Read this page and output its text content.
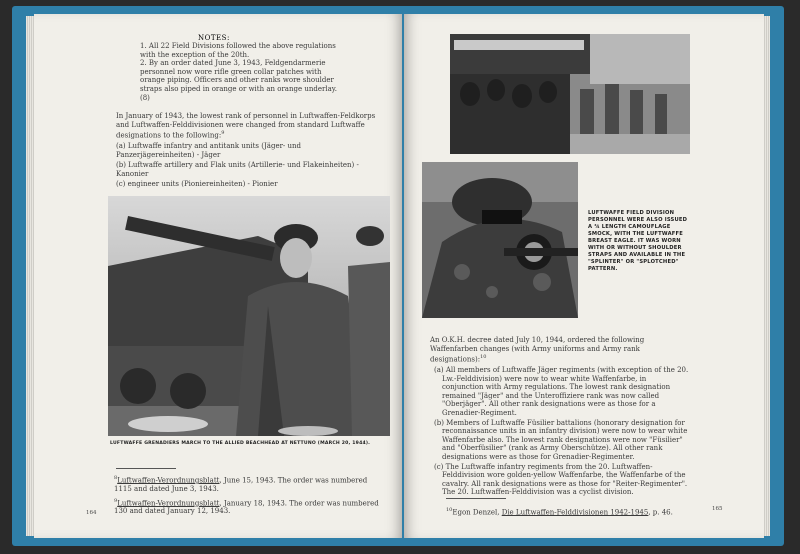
NOTES:

1. All 22 Field Divisions followed the above regulations with the exception of the 20th.

2. By an order dated June 3, 1943, Feldgendarmerie personnel now wore rifle green collar patches with orange piping. Officers and other ranks wore shoulder straps also piped in orange or with an orange underlay. (8)

In January of 1943, the lowest rank of personnel in Luftwaffen-Feldkorps and Luftwaffen-Felddivisionen were changed from standard Luftwaffe designations to the following:$^9$

(a) Luftwaffe infantry and antitank units (Jäger- und Panzerjägereinheiten) - Jäger

(b) Luftwaffe artillery and Flak units (Artillerie- und Flakeinheiten) - Kanonier

(c) engineer units (Pioniereinheiten) - Pionier

LUFTWAFFE GRENADIERS MARCH TO THE ALLIED BEACHHEAD AT NETTUNO (MARCH 20, 1944).

$^8$Luftwaffen-Verordnungsblatt, June 15, 1943. The order was numbered 1115 and dated June 3, 1943.

$^9$Luftwaffen-Verordnungsblatt, January 18, 1943. The order was numbered 130 and dated January 12, 1943.

164
LUFTWAFFE FIELD DIVISION PERSONNEL WERE ALSO ISSUED A ¾ LENGTH CAMOUFLAGE SMOCK, WITH THE LUFTWAFFE BREAST EAGLE. IT WAS WORN WITH OR WITHOUT SHOULDER STRAPS AND AVAILABLE IN THE "SPLINTER" OR "SPLOTCHED" PATTERN.

An O.K.H. decree dated July 10, 1944, ordered the following Waffenfarben changes (with Army uniforms and Army rank designations):$^{10}$

(a) All members of Luftwaffe Jäger regiments (with exception of the 20. Lw.-Felddivision) were now to wear white Waffenfarbe, in conjunction with Army regulations. The lowest rank designation remained "Jäger" and the Unteroffiziere rank was now called "Oberjäger". All other rank designations were as those for a Grenadier-Regiment.

(b) Members of Luftwaffe Füsilier battalions (honorary designation for reconnaissance units in an infantry division) were now to wear white Waffenfarbe also. The lowest rank designations were now "Füsilier" and "Oberfüsilier" (rank as Army Oberschütze). All other rank designations were as those for Grenadier-Regimenter.

(c) The Luftwaffe infantry regiments from the 20. Luftwaffen-Felddivision wore golden-yellow Waffenfarbe, the Waffenfarbe of the cavalry. All rank designations were as those for "Reiter-Regimenter". The 20. Luftwaffen-Felddivision was a cyclist division.

$^{10}$Egon Denzel, Die Luftwaffen-Felddivisionen 1942-1945, p. 46.	165
